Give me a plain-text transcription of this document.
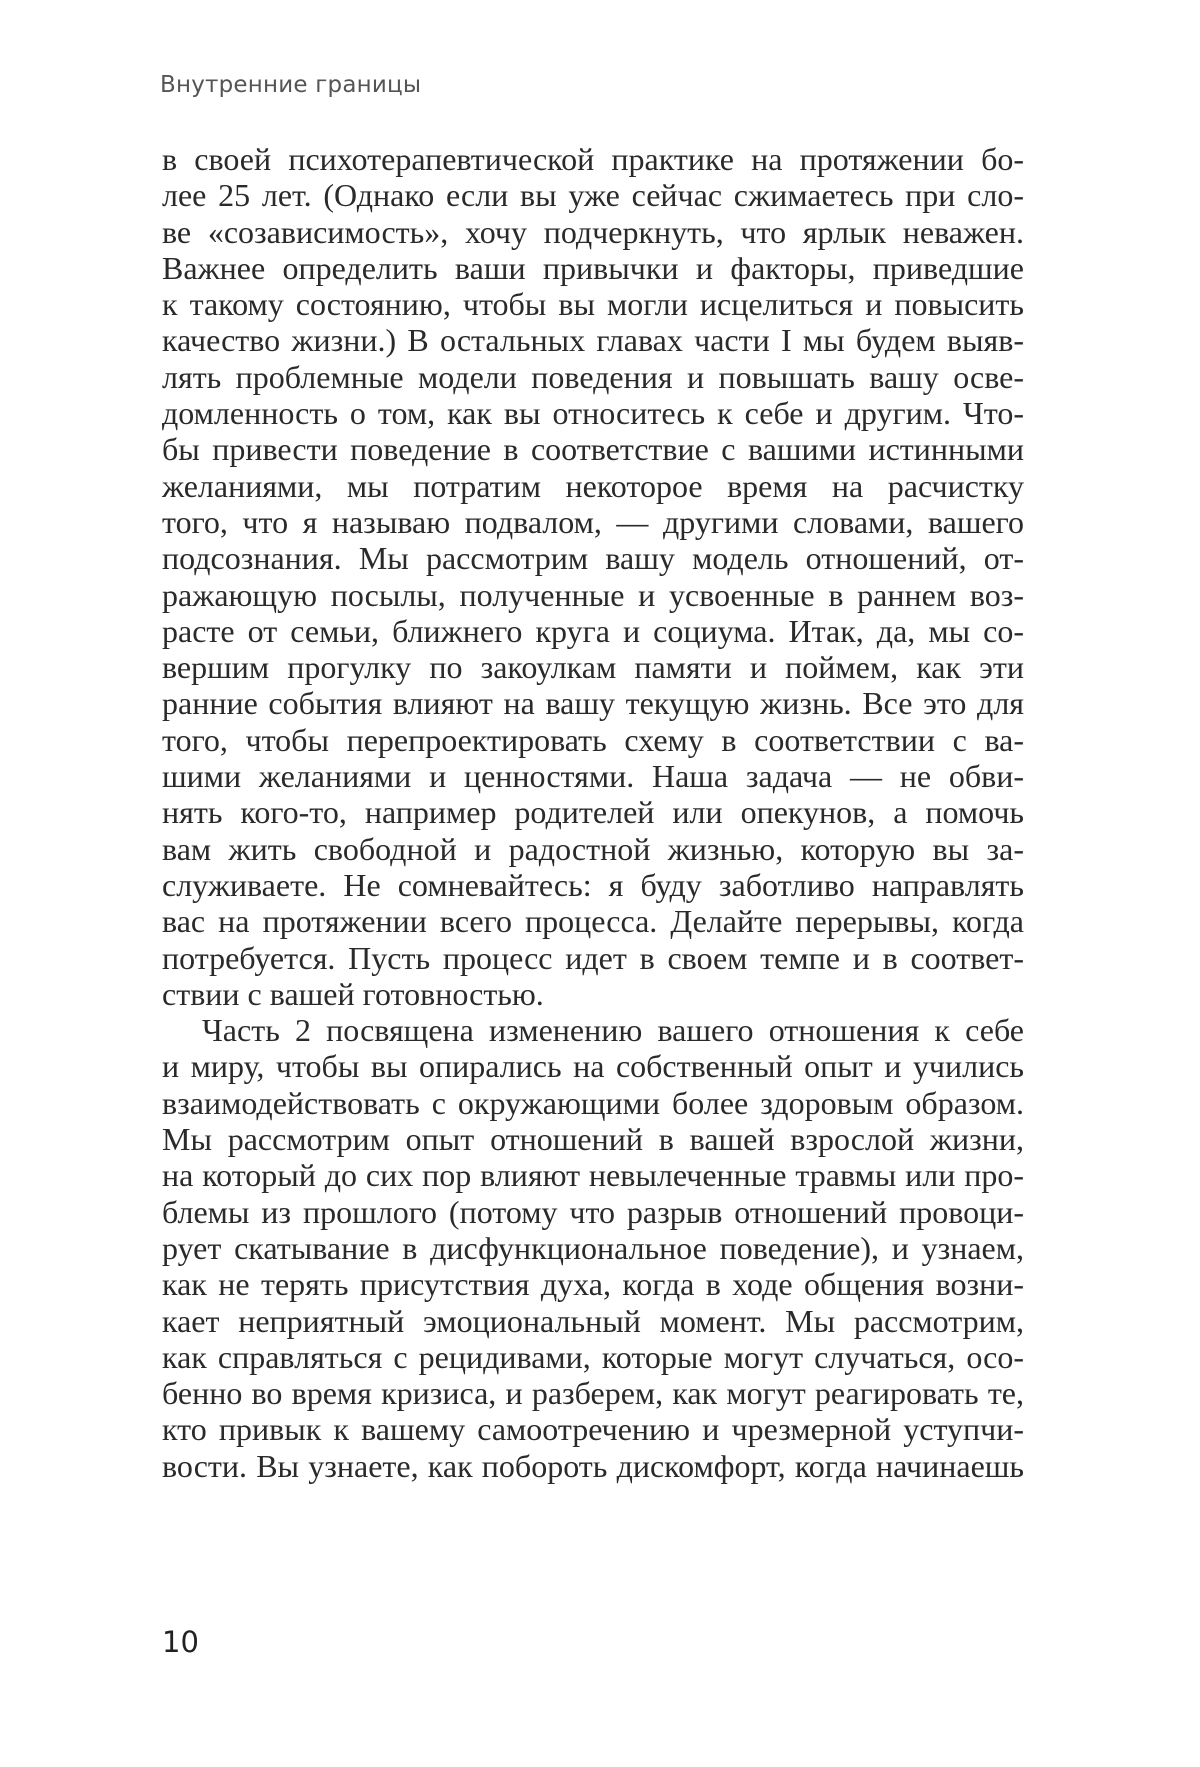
Внутренние границы
в своей психотерапевтической практике на протяжении бо-
лее 25 лет. (Однако если вы уже сейчас сжимаетесь при сло-
ве «созависимость», хочу подчеркнуть, что ярлык неважен.
Важнее определить ваши привычки и факторы, приведшие
к такому состоянию, чтобы вы могли исцелиться и повысить
качество жизни.) В остальных главах части I мы будем выяв-
лять проблемные модели поведения и повышать вашу осве-
домленность о том, как вы относитесь к себе и другим. Что-
бы привести поведение в соответствие с вашими истинными
желаниями, мы потратим некоторое время на расчистку
того, что я называю подвалом, — другими словами, вашего
подсознания. Мы рассмотрим вашу модель отношений, от-
ражающую посылы, полученные и усвоенные в раннем воз-
расте от семьи, ближнего круга и социума. Итак, да, мы со-
вершим прогулку по закоулкам памяти и поймем, как эти
ранние события влияют на вашу текущую жизнь. Все это для
того, чтобы перепроектировать схему в соответствии с ва-
шими желаниями и ценностями. Наша задача — не обви-
нять кого-то, например родителей или опекунов, а помочь
вам жить свободной и радостной жизнью, которую вы за-
служиваете. Не сомневайтесь: я буду заботливо направлять
вас на протяжении всего процесса. Делайте перерывы, когда
потребуется. Пусть процесс идет в своем темпе и в соответ-
ствии с вашей готовностью.
Часть 2 посвящена изменению вашего отношения к себе
и миру, чтобы вы опирались на собственный опыт и учились
взаимодействовать с окружающими более здоровым образом.
Мы рассмотрим опыт отношений в вашей взрослой жизни,
на который до сих пор влияют невылеченные травмы или про-
блемы из прошлого (потому что разрыв отношений провоци-
рует скатывание в дисфункциональное поведение), и узнаем,
как не терять присутствия духа, когда в ходе общения возни-
кает неприятный эмоциональный момент. Мы рассмотрим,
как справляться с рецидивами, которые могут случаться, осо-
бенно во время кризиса, и разберем, как могут реагировать те,
кто привык к вашему самоотречению и чрезмерной уступчи-
вости. Вы узнаете, как побороть дискомфорт, когда начинаешь
10
